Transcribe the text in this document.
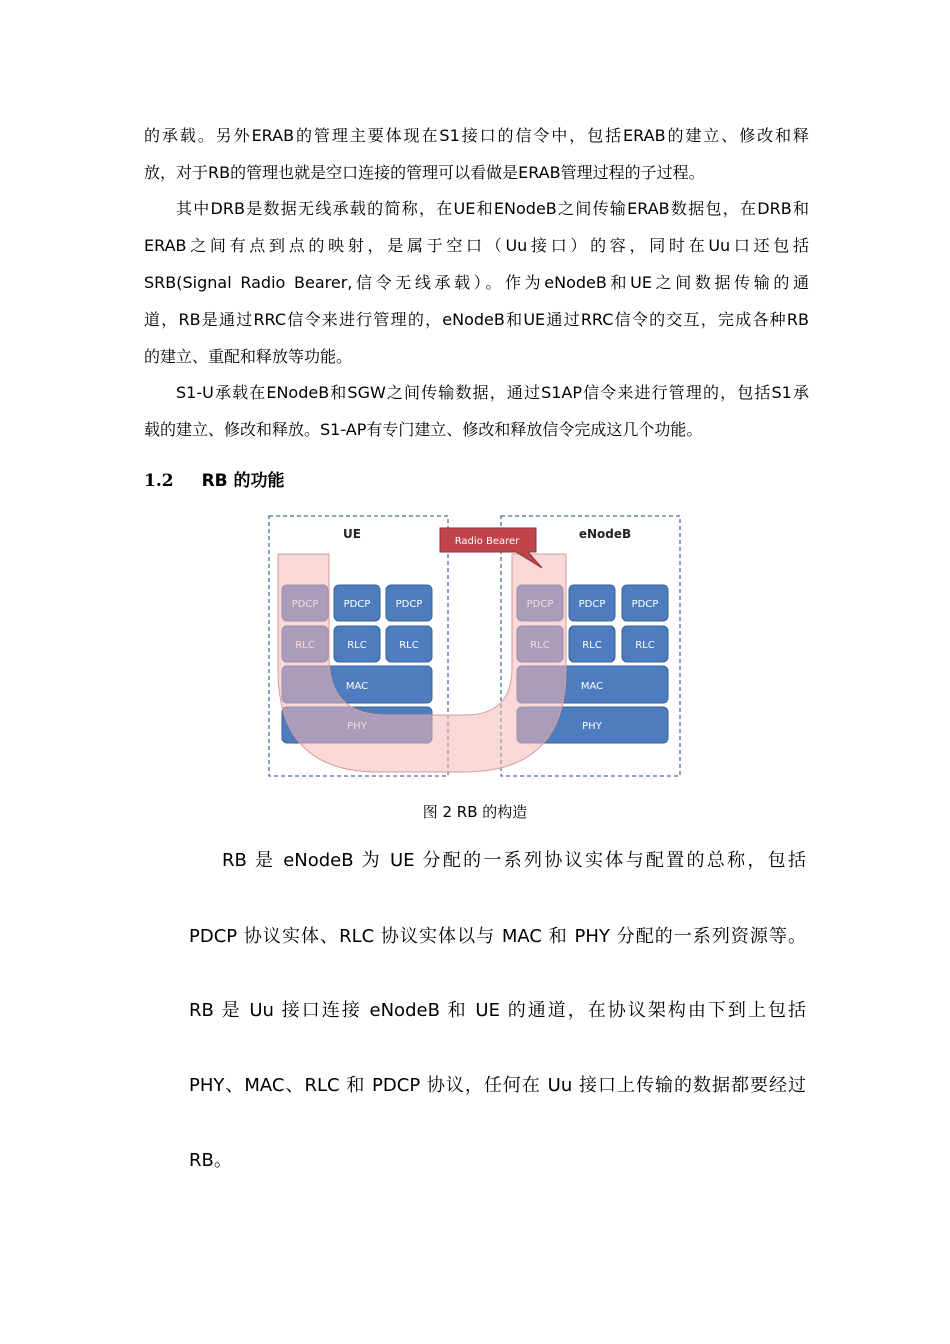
的承载。另外ERAB的管理主要体现在S1接口的信令中，包括ERAB的建立、修改和释
放，对于RB的管理也就是空口连接的管理可以看做是ERAB管理过程的子过程。
其中DRB是数据无线承载的简称，在UE和ENodeB之间传输ERAB数据包，在DRB和
ERAB之间有点到点的映射，是属于空口（Uu接口）的容，同时在Uu口还包括
SRB(Signal Radio Bearer,信令无线承载）。作为eNodeB和UE之间数据传输的通
道，RB是通过RRC信令来进行管理的，eNodeB和UE通过RRC信令的交互，完成各种RB
的建立、重配和释放等功能。
S1-U承载在ENodeB和SGW之间传输数据，通过S1AP信令来进行管理的，包括S1承
载的建立、修改和释放。S1-AP有专门建立、修改和释放信令完成这几个功能。
1.2 RB 的功能
UE	eNodeB
PDCP	PDCP
RLC	RLC
MAC
PDCP	PDCP
RLC	RLC
MAC
PHY
Radio Bearer
图 2 RB 的构造
RB 是 eNodeB 为 UE 分配的一系列协议实体与配置的总称，包括
PDCP 协议实体、RLC 协议实体以与 MAC 和 PHY 分配的一系列资源等。
RB 是 Uu 接口连接 eNodeB 和 UE 的通道，在协议架构由下到上包括
PHY、MAC、RLC 和 PDCP 协议，任何在 Uu 接口上传输的数据都要经过
RB。
